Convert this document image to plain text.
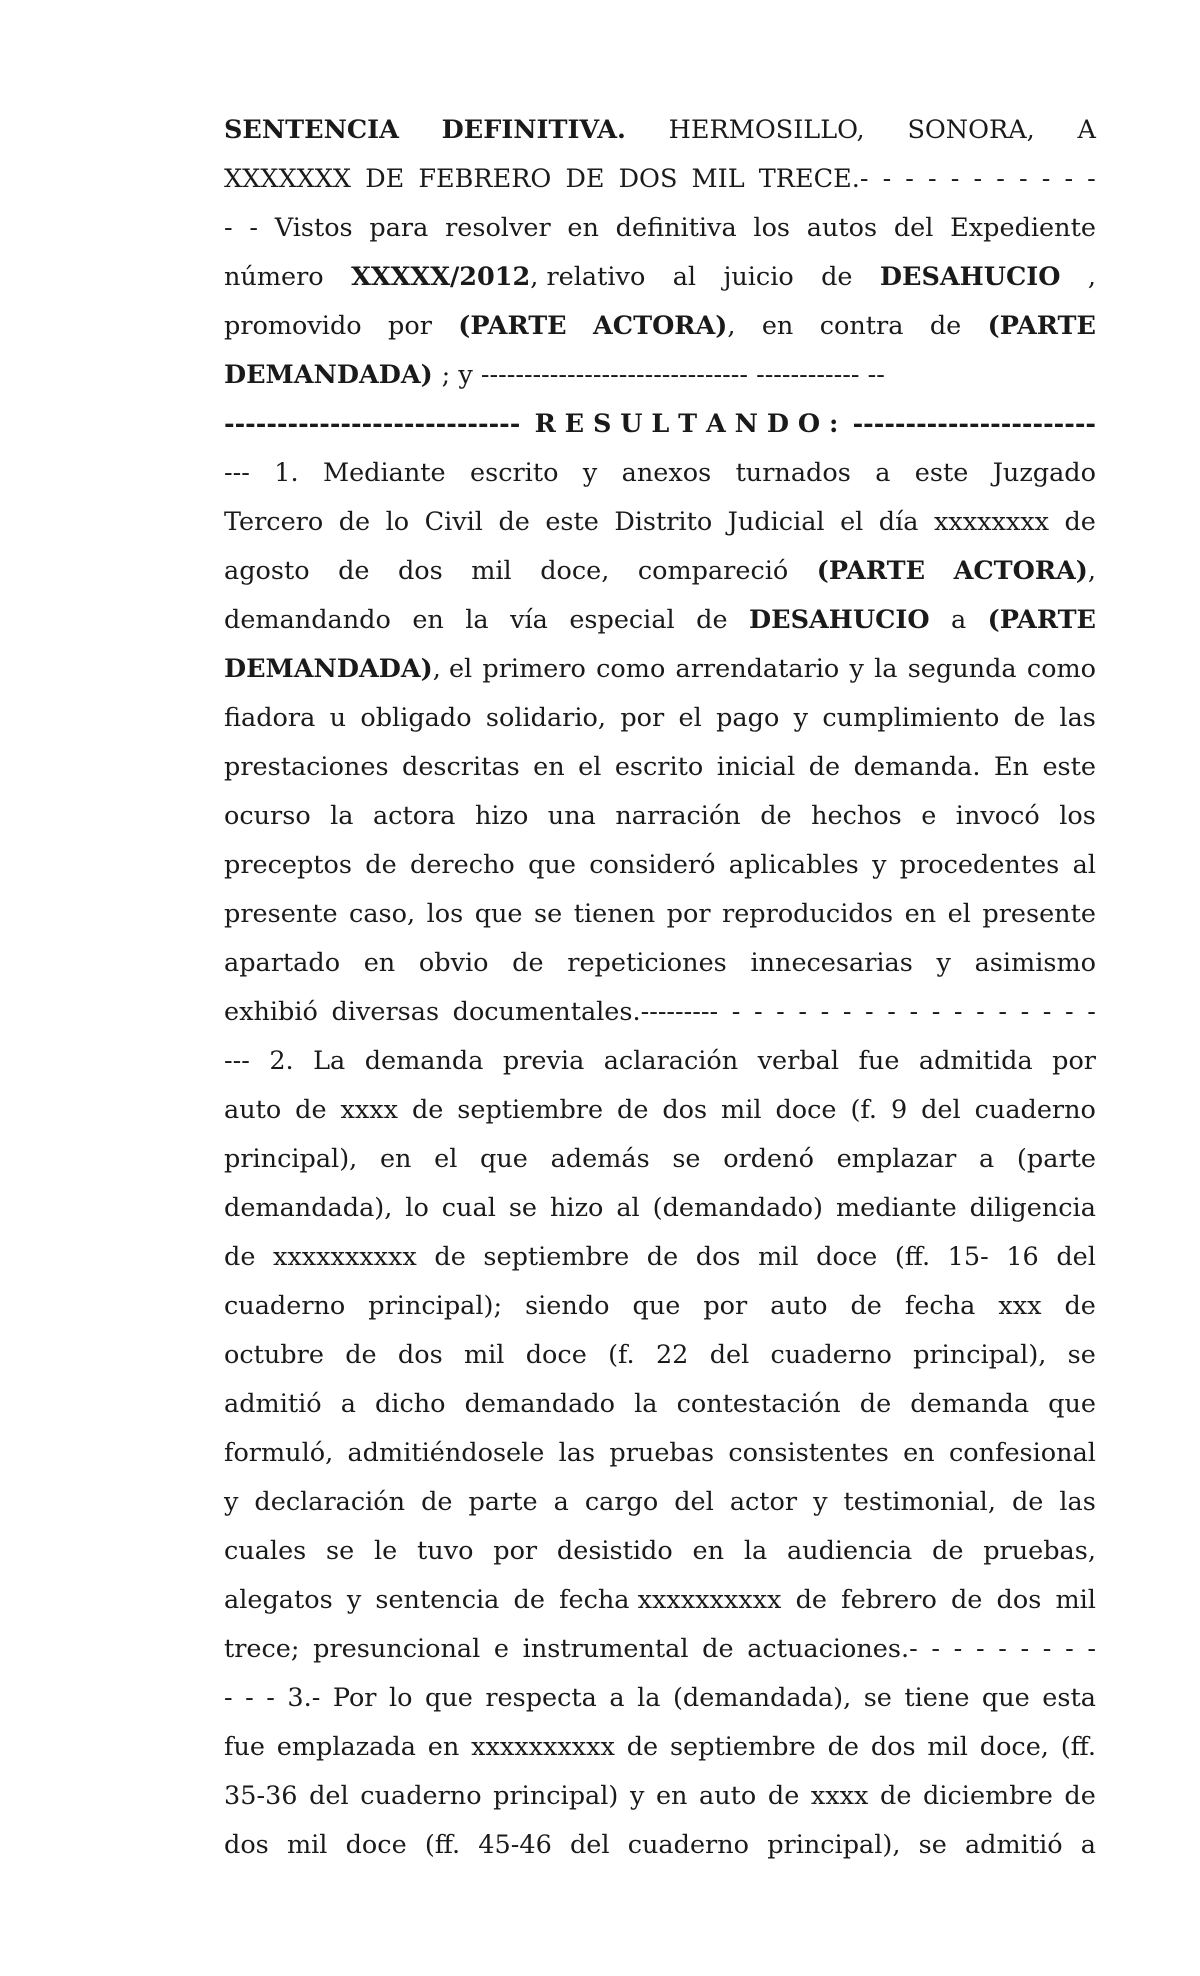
SENTENCIA DEFINITIVA. HERMOSILLO, SONORA, A
XXXXXXX DE FEBRERO DE DOS MIL TRECE.- - - - - - - - - - -
- - Vistos para resolver en definitiva los autos del Expediente
número XXXXX/2012, relativo al juicio de DESAHUCIO ,
promovido por (PARTE ACTORA), en contra de (PARTE
DEMANDADA) ; y ------------------------------- ------------ --
---------------------------- R E S U L T A N D O : -----------------------
--- 1. Mediante escrito y anexos turnados a este Juzgado
Tercero de lo Civil de este Distrito Judicial el día xxxxxxxx de
agosto de dos mil doce, compareció (PARTE ACTORA),
demandando en la vía especial de DESAHUCIO a (PARTE
DEMANDADA), el primero como arrendatario y la segunda como
fiadora u obligado solidario, por el pago y cumplimiento de las
prestaciones descritas en el escrito inicial de demanda. En este
ocurso la actora hizo una narración de hechos e invocó los
preceptos de derecho que consideró aplicables y procedentes al
presente caso, los que se tienen por reproducidos en el presente
apartado en obvio de repeticiones innecesarias y asimismo
exhibió diversas documentales.--------- - - - - - - - - - - - - - - - - -
--- 2. La demanda previa aclaración verbal fue admitida por
auto de xxxx de septiembre de dos mil doce (f. 9 del cuaderno
principal), en el que además se ordenó emplazar a (parte
demandada), lo cual se hizo al (demandado) mediante diligencia
de xxxxxxxxxx de septiembre de dos mil doce (ff. 15- 16 del
cuaderno principal); siendo que por auto de fecha xxx de
octubre de dos mil doce (f. 22 del cuaderno principal), se
admitió a dicho demandado la contestación de demanda que
formuló, admitiéndosele las pruebas consistentes en confesional
y declaración de parte a cargo del actor y testimonial, de las
cuales se le tuvo por desistido en la audiencia de pruebas,
alegatos y sentencia de fecha xxxxxxxxxx de febrero de dos mil
trece; presuncional e instrumental de actuaciones.- - - - - - - - -
- - - 3.- Por lo que respecta a la (demandada), se tiene que esta
fue emplazada en xxxxxxxxxx de septiembre de dos mil doce, (ff.
35-36 del cuaderno principal) y en auto de xxxx de diciembre de
dos mil doce (ff. 45-46 del cuaderno principal), se admitió a
